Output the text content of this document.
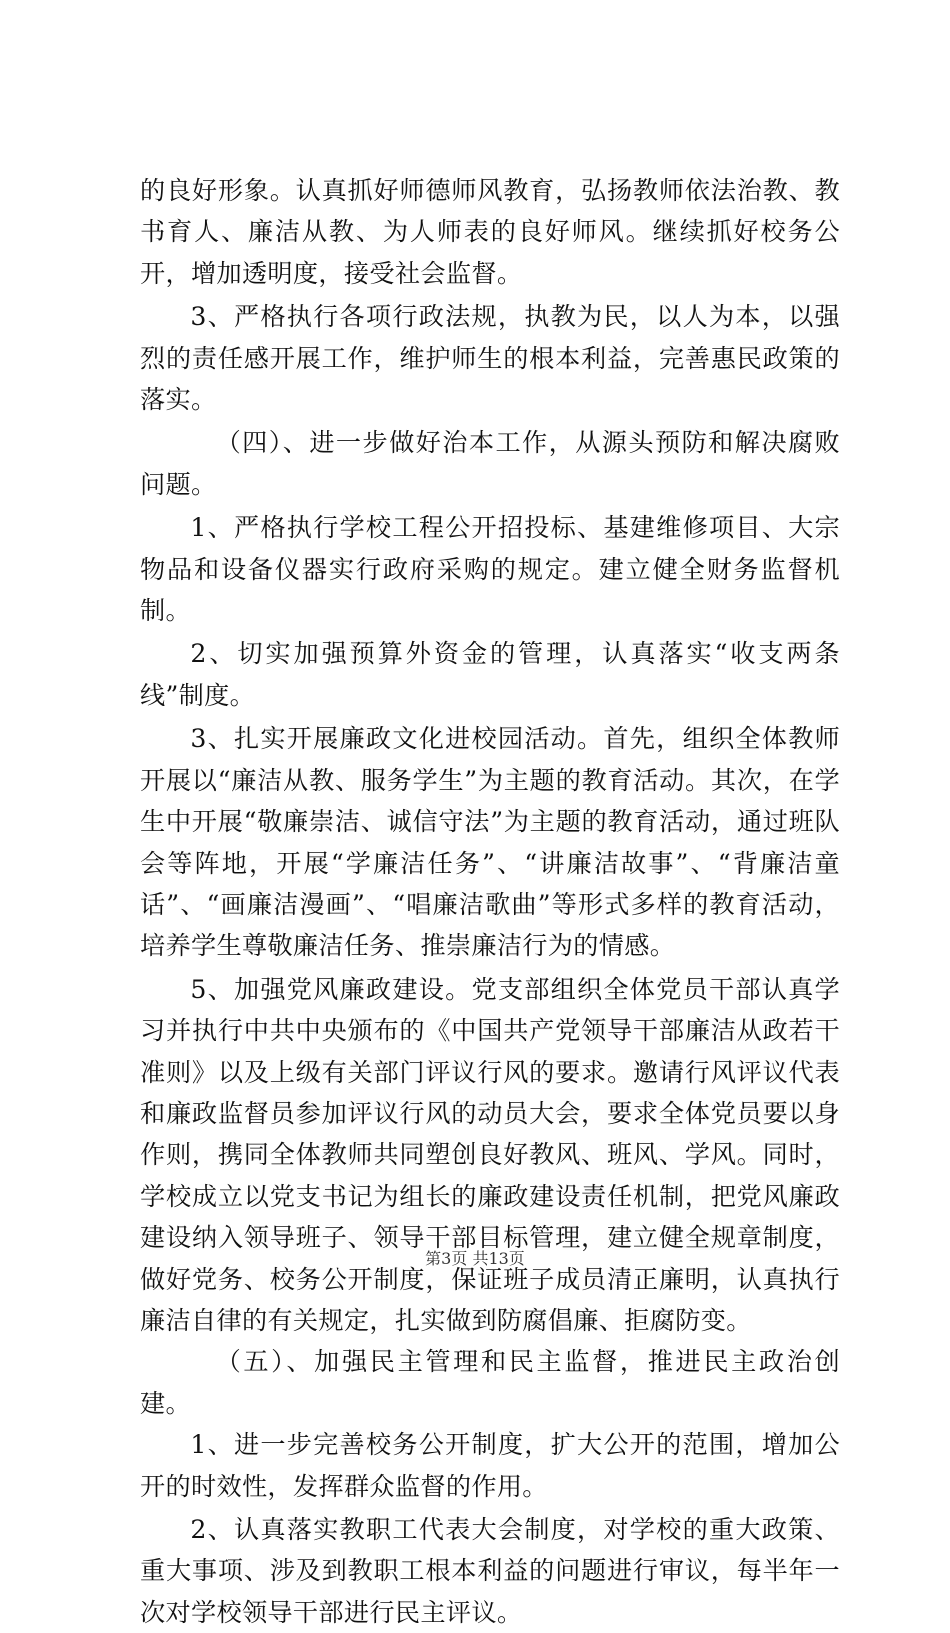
的良好形象。认真抓好师德师风教育，弘扬教师依法治教、教书育人、廉洁从教、为人师表的良好师风。继续抓好校务公开，增加透明度，接受社会监督。

3、严格执行各项行政法规，执教为民，以人为本，以强烈的责任感开展工作，维护师生的根本利益，完善惠民政策的落实。

（四）、进一步做好治本工作，从源头预防和解决腐败问题。

1、严格执行学校工程公开招投标、基建维修项目、大宗物品和设备仪器实行政府采购的规定。建立健全财务监督机制。

2、切实加强预算外资金的管理，认真落实“收支两条线”制度。

3、扎实开展廉政文化进校园活动。首先，组织全体教师开展以“廉洁从教、服务学生”为主题的教育活动。其次，在学生中开展“敬廉崇洁、诚信守法”为主题的教育活动，通过班队会等阵地，开展“学廉洁任务”、“讲廉洁故事”、“背廉洁童话”、“画廉洁漫画”、“唱廉洁歌曲”等形式多样的教育活动，培养学生尊敬廉洁任务、推崇廉洁行为的情感。

5、加强党风廉政建设。党支部组织全体党员干部认真学习并执行中共中央颁布的《中国共产党领导干部廉洁从政若干准则》以及上级有关部门评议行风的要求。邀请行风评议代表和廉政监督员参加评议行风的动员大会，要求全体党员要以身作则，携同全体教师共同塑创良好教风、班风、学风。同时，学校成立以党支书记为组长的廉政建设责任机制，把党风廉政建设纳入领导班子、领导干部目标管理，建立健全规章制度，做好党务、校务公开制度，保证班子成员清正廉明，认真执行廉洁自律的有关规定，扎实做到防腐倡廉、拒腐防变。

（五）、加强民主管理和民主监督，推进民主政治创建。

1、进一步完善校务公开制度，扩大公开的范围，增加公开的时效性，发挥群众监督的作用。

2、认真落实教职工代表大会制度，对学校的重大政策、重大事项、涉及到教职工根本利益的问题进行审议，每半年一次对学校领导干部进行民主评议。

第3页 共13页
